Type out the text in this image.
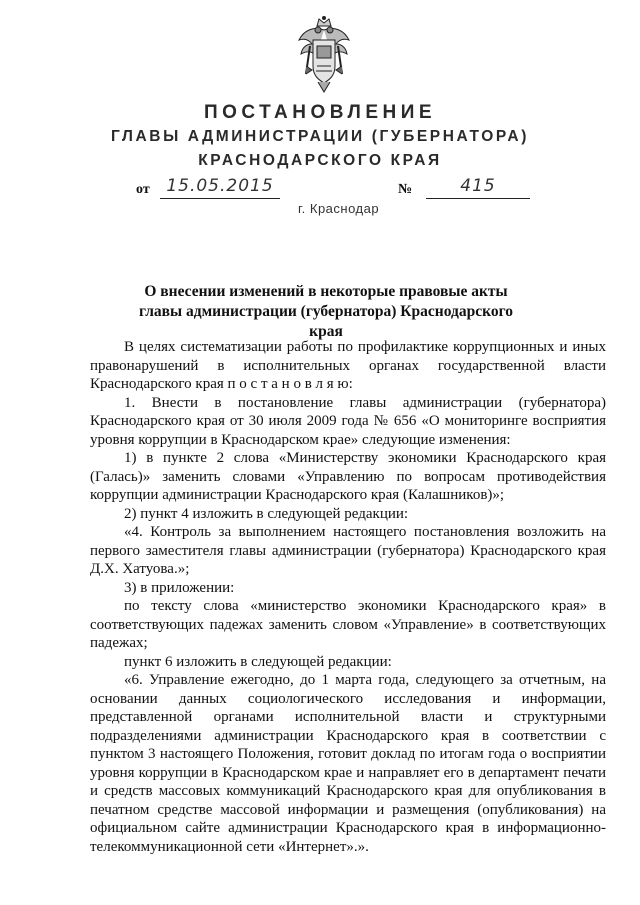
ПОСТАНОВЛЕНИЕ
ГЛАВЫ АДМИНИСТРАЦИИ (ГУБЕРНАТОРА)
КРАСНОДАРСКОГО КРАЯ
от 15.05.2015	№	415
г. Краснодар
О внесении изменений в некоторые правовые акты главы администрации (губернатора) Краснодарского края

В целях систематизации работы по профилактике коррупционных и иных правонарушений в исполнительных органах государственной власти Краснодарского края п о с т а н о в л я ю:

1. Внести в постановление главы администрации (губернатора) Краснодарского края от 30 июля 2009 года № 656 «О мониторинге восприятия уровня коррупции в Краснодарском крае» следующие изменения:

1) в пункте 2 слова «Министерству экономики Краснодарского края (Галась)» заменить словами «Управлению по вопросам противодействия коррупции администрации Краснодарского края (Калашников)»;

2) пункт 4 изложить в следующей редакции:

«4. Контроль за выполнением настоящего постановления возложить на первого заместителя главы администрации (губернатора) Краснодарского края Д.Х. Хатуова.»;

3) в приложении:

по тексту слова «министерство экономики Краснодарского края» в соответствующих падежах заменить словом «Управление» в соответствующих падежах;

пункт 6 изложить в следующей редакции:

«6. Управление ежегодно, до 1 марта года, следующего за отчетным, на основании данных социологического исследования и информации, представленной органами исполнительной власти и структурными подразделениями администрации Краснодарского края в соответствии с пунктом 3 настоящего Положения, готовит доклад по итогам года о восприятии уровня коррупции в Краснодарском крае и направляет его в департамент печати и средств массовых коммуникаций Краснодарского края для опубликования в печатном средстве массовой информации и размещения (опубликования) на официальном сайте администрации Краснодарского края в информационно-телекоммуникационной сети «Интернет».».
